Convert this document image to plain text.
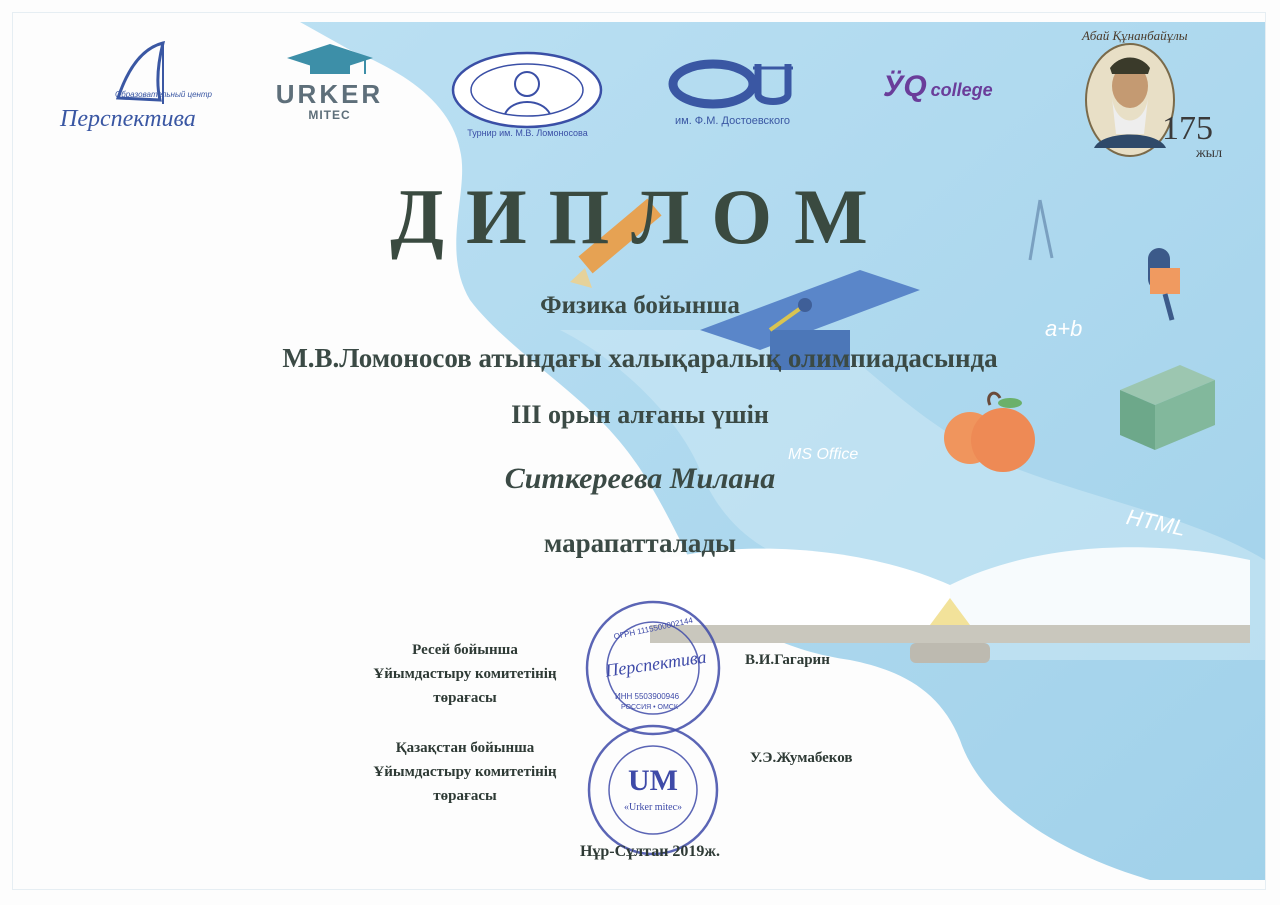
Образовательный центр
Перспектива
URKER
MITEC
Турнир им. М.В. Ломоносова
им. Ф.М. Достоевского
ӰQ college
Абай Құнанбайұлы
175
жыл
a+b
MS Office
HTML
ДИПЛОМ
Физика бойынша
М.В.Ломоносов атындағы халықаралық олимпиадасында
ІІІ орын алғаны үшін
Ситкереева Милана
марапатталады
Ресей бойынша
Ұйымдастыру комитетінің
төрағасы
В.И.Гагарин
ОГРН 1115500002144
Перспектива
ИНН 5503900946
РОССИЯ • ОМСК
Қазақстан бойынша
Ұйымдастыру комитетінің
төрағасы
У.Э.Жумабеков
UM
«Urker mitec»
Нұр-Сұлтан 2019ж.
